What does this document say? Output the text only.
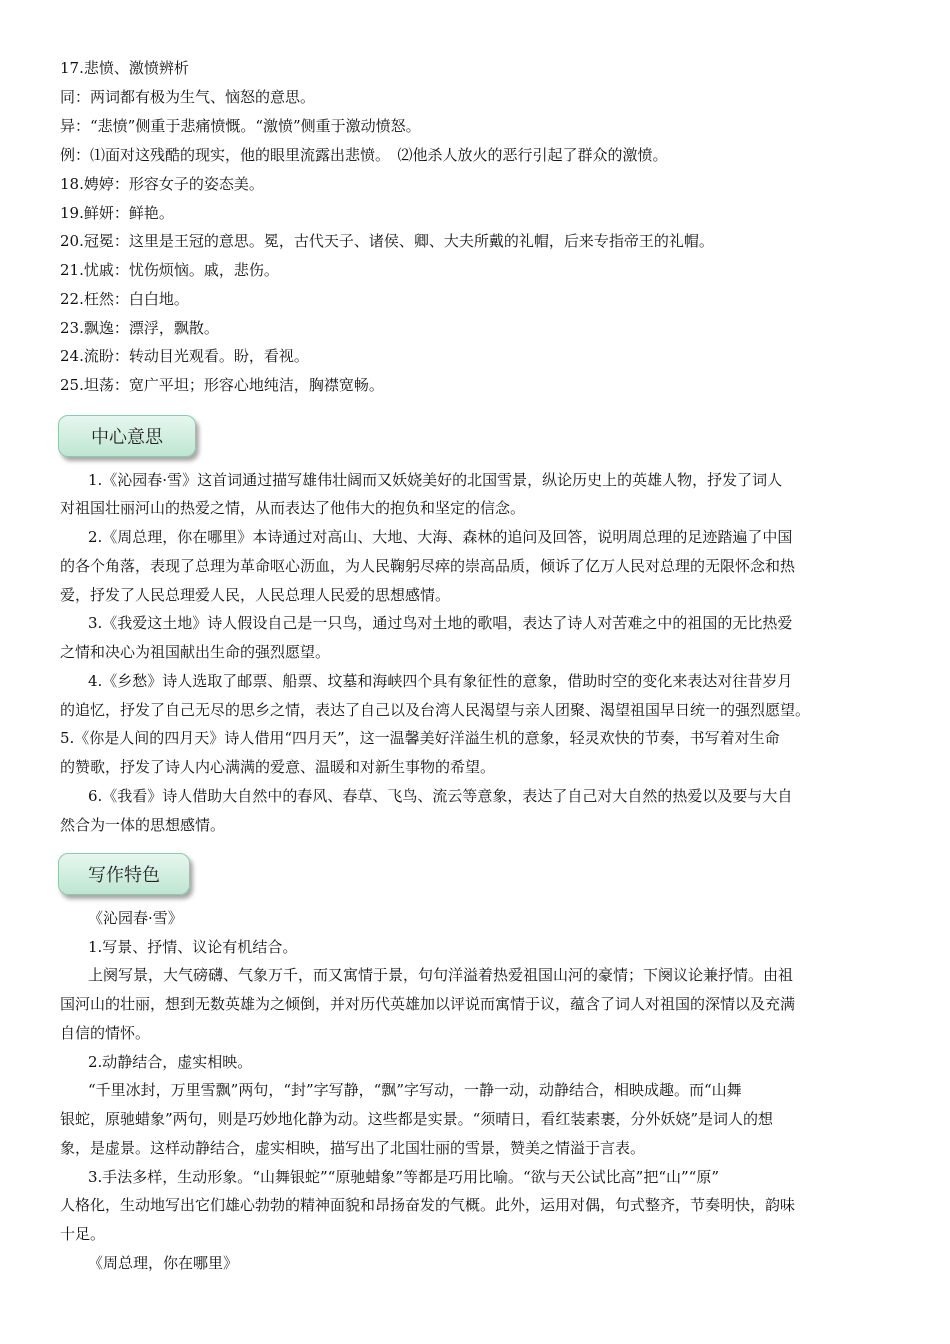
17.悲愤、激愤辨析
同：两词都有极为生气、恼怒的意思。
异：“悲愤”侧重于悲痛愤慨。“激愤”侧重于激动愤怒。
例：⑴面对这残酷的现实，他的眼里流露出悲愤。　⑵他杀人放火的恶行引起了群众的激愤。
18.娉婷：形容女子的姿态美。
19.鲜妍：鲜艳。
20.冠冕：这里是王冠的意思。冕，古代天子、诸侯、卿、大夫所戴的礼帽，后来专指帝王的礼帽。
21.忧戚：忧伤烦恼。戚，悲伤。
22.枉然：白白地。
23.飘逸：漂浮，飘散。
24.流盼：转动目光观看。盼，看视。
25.坦荡：宽广平坦；形容心地纯洁，胸襟宽畅。
中心意思
1.《沁园春·雪》这首词通过描写雄伟壮阔而又妖娆美好的北国雪景，纵论历史上的英雄人物，抒发了词人
对祖国壮丽河山的热爱之情，从而表达了他伟大的抱负和坚定的信念。
2.《周总理，你在哪里》本诗通过对高山、大地、大海、森林的追问及回答，说明周总理的足迹踏遍了中国
的各个角落，表现了总理为革命呕心沥血，为人民鞠躬尽瘁的崇高品质，倾诉了亿万人民对总理的无限怀念和热
爱，抒发了人民总理爱人民，人民总理人民爱的思想感情。
3.《我爱这土地》诗人假设自己是一只鸟，通过鸟对土地的歌唱，表达了诗人对苦难之中的祖国的无比热爱
之情和决心为祖国献出生命的强烈愿望。
4.《乡愁》诗人选取了邮票、船票、坟墓和海峡四个具有象征性的意象，借助时空的变化来表达对往昔岁月
的追忆，抒发了自己无尽的思乡之情，表达了自己以及台湾人民渴望与亲人团聚、渴望祖国早日统一的强烈愿望。
5.《你是人间的四月天》诗人借用“四月天”，这一温馨美好洋溢生机的意象，轻灵欢快的节奏，书写着对生命
的赞歌，抒发了诗人内心满满的爱意、温暖和对新生事物的希望。
6.《我看》诗人借助大自然中的春风、春草、飞鸟、流云等意象，表达了自己对大自然的热爱以及要与大自
然合为一体的思想感情。
写作特色
《沁园春·雪》
1.写景、抒情、议论有机结合。
上阕写景，大气磅礴、气象万千，而又寓情于景，句句洋溢着热爱祖国山河的豪情；下阕议论兼抒情。由祖
国河山的壮丽，想到无数英雄为之倾倒，并对历代英雄加以评说而寓情于议，蕴含了词人对祖国的深情以及充满
自信的情怀。
2.动静结合，虚实相映。
“千里冰封，万里雪飘”两句，“封”字写静，“飘”字写动，一静一动，动静结合，相映成趣。而“山舞
银蛇，原驰蜡象”两句，则是巧妙地化静为动。这些都是实景。“须晴日，看红装素裹，分外妖娆”是词人的想
象，是虚景。这样动静结合，虚实相映，描写出了北国壮丽的雪景，赞美之情溢于言表。
3.手法多样，生动形象。“山舞银蛇”“原驰蜡象”等都是巧用比喻。“欲与天公试比高”把“山”“原”
人格化，生动地写出它们雄心勃勃的精神面貌和昂扬奋发的气概。此外，运用对偶，句式整齐，节奏明快，韵味
十足。
《周总理，你在哪里》
